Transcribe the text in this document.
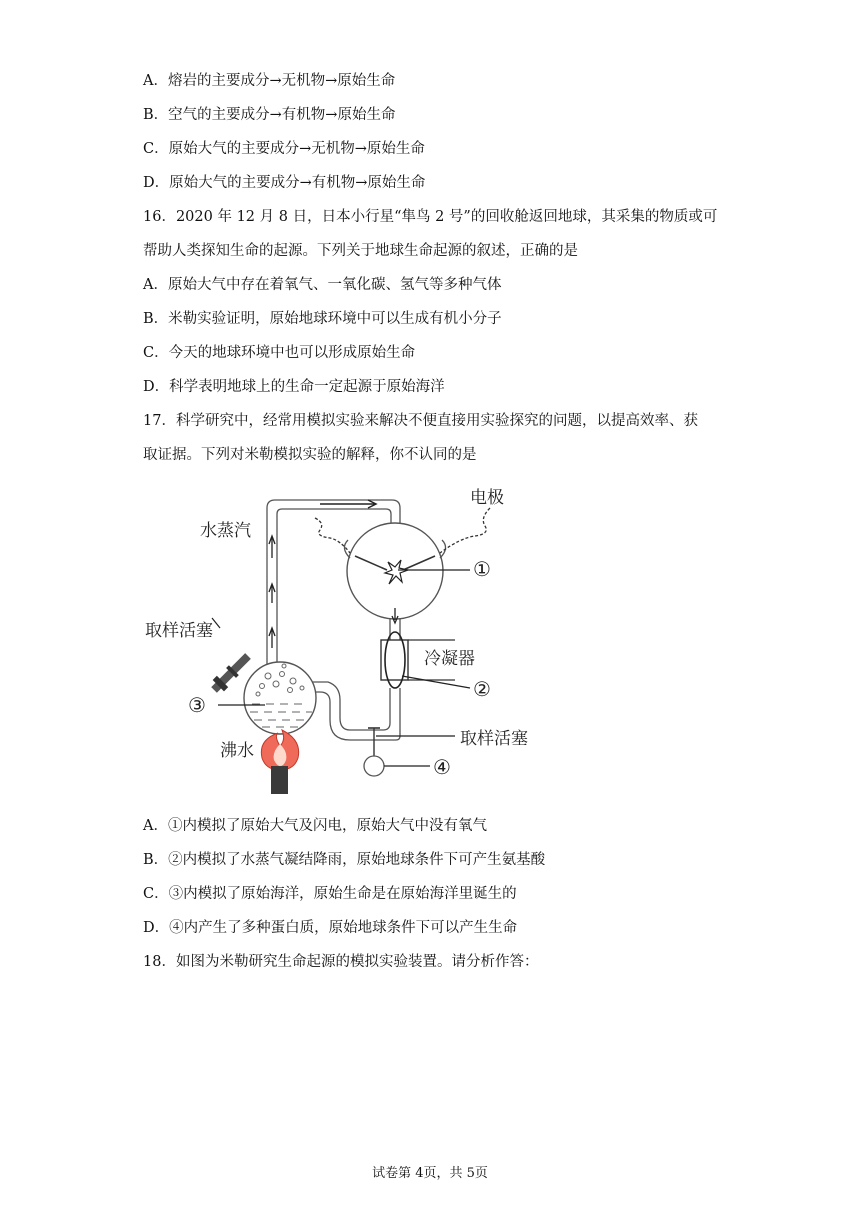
A．熔岩的主要成分→无机物→原始生命
B．空气的主要成分→有机物→原始生命
C．原始大气的主要成分→无机物→原始生命
D．原始大气的主要成分→有机物→原始生命
16．2020 年 12 月 8 日，日本小行星“隼鸟 2 号”的回收舱返回地球，其采集的物质或可
帮助人类探知生命的起源。下列关于地球生命起源的叙述，正确的是
A．原始大气中存在着氧气、一氧化碳、氢气等多种气体
B．米勒实验证明，原始地球环境中可以生成有机小分子
C．今天的地球环境中也可以形成原始生命
D．科学表明地球上的生命一定起源于原始海洋
17．科学研究中，经常用模拟实验来解决不便直接用实验探究的问题，以提高效率、获
取证据。下列对米勒模拟实验的解释，你不认同的是
电极
水蒸汽
取样活塞
冷凝器
取样活塞
沸水
①
②
③
④
A．①内模拟了原始大气及闪电，原始大气中没有氧气
B．②内模拟了水蒸气凝结降雨，原始地球条件下可产生氨基酸
C．③内模拟了原始海洋，原始生命是在原始海洋里诞生的
D．④内产生了多种蛋白质，原始地球条件下可以产生生命
18．如图为米勒研究生命起源的模拟实验装置。请分析作答：
试卷第 4页，共 5页
